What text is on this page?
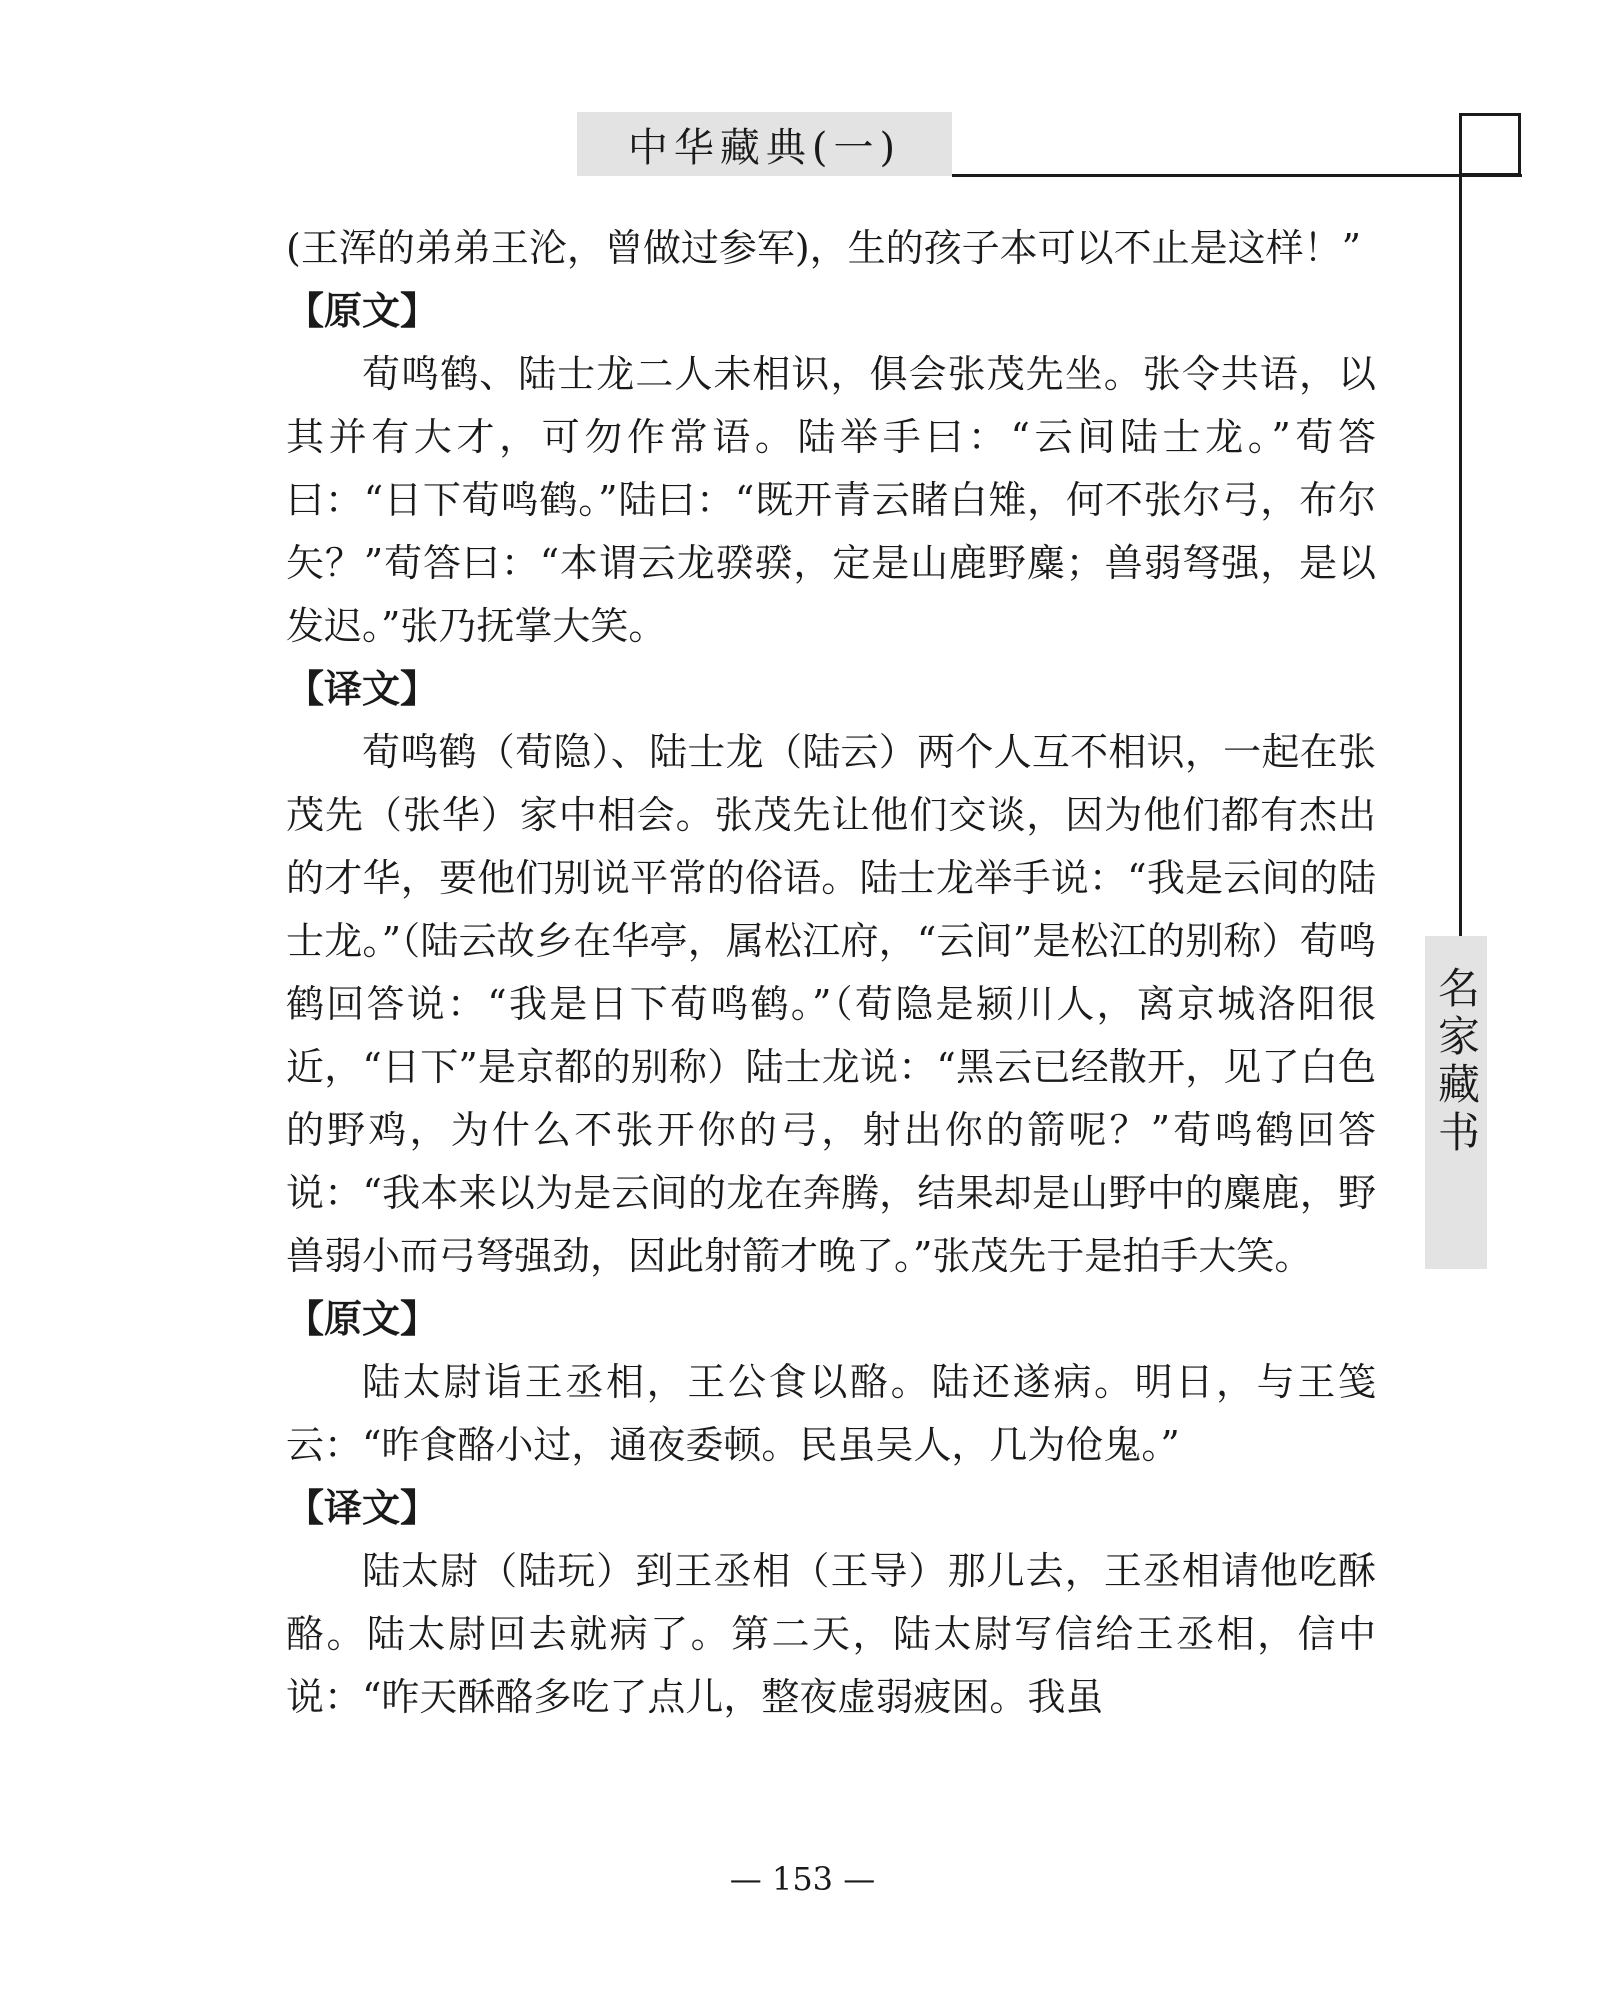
中华藏典(一)
名家藏书

(王浑的弟弟王沦，曾做过参军)，生的孩子本可以不止是这样！”

【原文】

荀鸣鹤、陆士龙二人未相识，俱会张茂先坐。张令共语，以其并有大才，可勿作常语。陆举手曰：“云间陆士龙。”荀答曰：“日下荀鸣鹤。”陆曰：“既开青云睹白雉，何不张尔弓，布尔矢？”荀答曰：“本谓云龙骙骙，定是山鹿野麋；兽弱弩强，是以发迟。”张乃抚掌大笑。

【译文】

荀鸣鹤（荀隐）、陆士龙（陆云）两个人互不相识，一起在张茂先（张华）家中相会。张茂先让他们交谈，因为他们都有杰出的才华，要他们别说平常的俗语。陆士龙举手说：“我是云间的陆士龙。”（陆云故乡在华亭，属松江府，“云间”是松江的别称）荀鸣鹤回答说：“我是日下荀鸣鹤。”（荀隐是颍川人，离京城洛阳很近，“日下”是京都的别称）陆士龙说：“黑云已经散开，见了白色的野鸡，为什么不张开你的弓，射出你的箭呢？”荀鸣鹤回答说：“我本来以为是云间的龙在奔腾，结果却是山野中的麋鹿，野兽弱小而弓弩强劲，因此射箭才晚了。”张茂先于是拍手大笑。

【原文】

陆太尉诣王丞相，王公食以酪。陆还遂病。明日，与王笺云：“昨食酪小过，通夜委顿。民虽吴人，几为伧鬼。”

【译文】

陆太尉（陆玩）到王丞相（王导）那儿去，王丞相请他吃酥酪。陆太尉回去就病了。第二天，陆太尉写信给王丞相，信中说：“昨天酥酪多吃了点儿，整夜虚弱疲困。我虽

— 153 —
